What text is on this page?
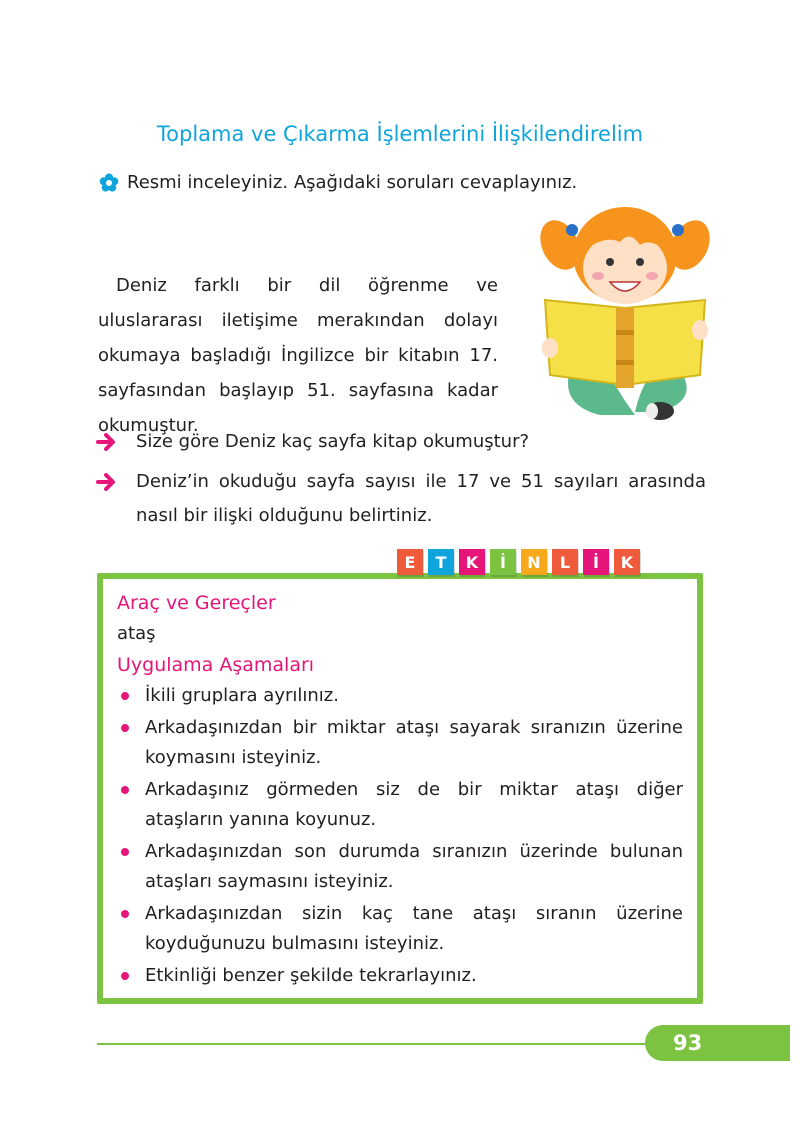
Toplama ve Çıkarma İşlemlerini İlişkilendirelim
Resmi inceleyiniz. Aşağıdaki soruları cevaplayınız.

Deniz farklı bir dil öğrenme ve uluslararası iletişime merakından dolayı okumaya başladığı İngilizce bir kitabın 17. sayfasından başlayıp 51. sayfasına kadar okumuştur.

Size göre Deniz kaç sayfa kitap okumuştur?
Deniz’in okuduğu sayfa sayısı ile 17 ve 51 sayıları arasında nasıl bir ilişki olduğunu belirtiniz.
Araç ve Gereçler
ataş
Uygulama Aşamaları
İkili gruplara ayrılınız.
Arkadaşınızdan bir miktar ataşı sayarak sıranızın üzerine koymasını isteyiniz.
Arkadaşınız görmeden siz de bir miktar ataşı diğer ataşların yanına koyunuz.
Arkadaşınızdan son durumda sıranızın üzerinde bulunan ataşları saymasını isteyiniz.
Arkadaşınızdan sizin kaç tane ataşı sıranın üzerine koyduğunuzu bulmasını isteyiniz.
Etkinliği benzer şekilde tekrarlayınız.
E	T	K	İ	N	L	İ	K
93
